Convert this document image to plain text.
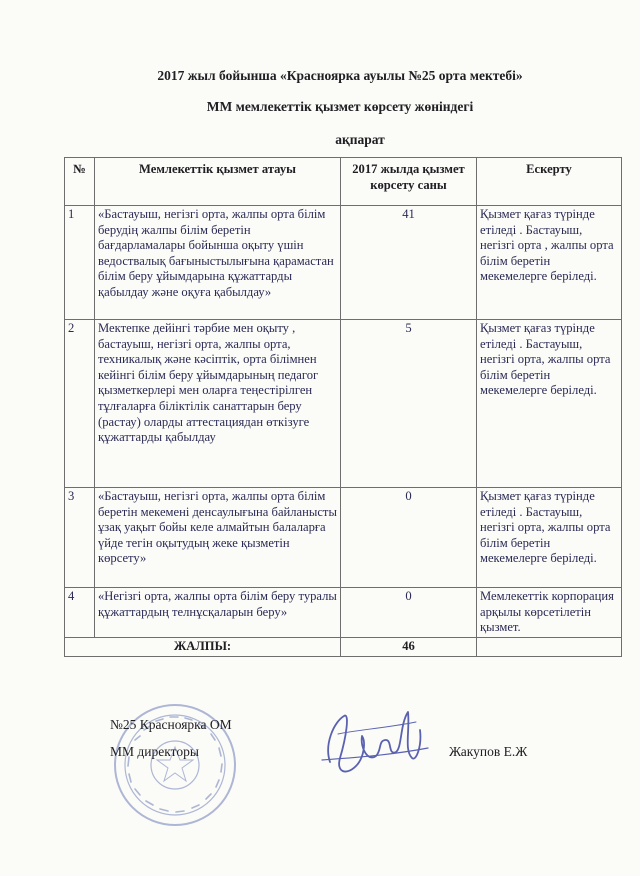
2017 жыл бойынша «Красноярка ауылы №25 орта мектебі»
ММ мемлекеттік қызмет көрсету жөніндегі
ақпарат
№	Мемлекеттік қызмет атауы	2017 жылда қызмет көрсету саны	Ескерту
1	«Бастауыш, негізгі орта, жалпы орта білім берудің жалпы білім беретін бағдарламалары бойынша оқыту үшін ведоствалық бағыныстылығына қарамастан білім беру ұйымдарына құжаттарды қабылдау және оқуға қабылдау»	41	Қызмет қағаз түрінде етіледі . Бастауыш, негізгі орта , жалпы орта білім беретін мекемелерге беріледі.
2	Мектепке дейінгі тәрбие мен оқыту , бастауыш, негізгі орта, жалпы орта, техникалық және кәсіптік, орта білімнен кейінгі білім беру ұйымдарының педагог қызметкерлері мен оларға теңестірілген тұлғаларға біліктілік санаттарын беру (растау) оларды аттестациядан өткізуге құжаттарды қабылдау	5	Қызмет қағаз түрінде етіледі . Бастауыш, негізгі орта, жалпы орта білім беретін мекемелерге беріледі.
3	«Бастауыш, негізгі орта, жалпы орта білім беретін мекемені денсаулығына байланысты ұзақ уақыт бойы келе алмайтын балаларға үйде тегін оқытудың жеке қызметін көрсету»	0	Қызмет қағаз түрінде етіледі . Бастауыш, негізгі орта, жалпы орта білім беретін мекемелерге беріледі.
4	«Негізгі орта, жалпы орта білім беру туралы құжаттардың телнұсқаларын беру»	0	Мемлекеттік корпорация арқылы көрсетілетін қызмет.
ЖАЛПЫ:		46	
№25 Красноярка ОМ
ММ директоры	Жакупов Е.Ж
